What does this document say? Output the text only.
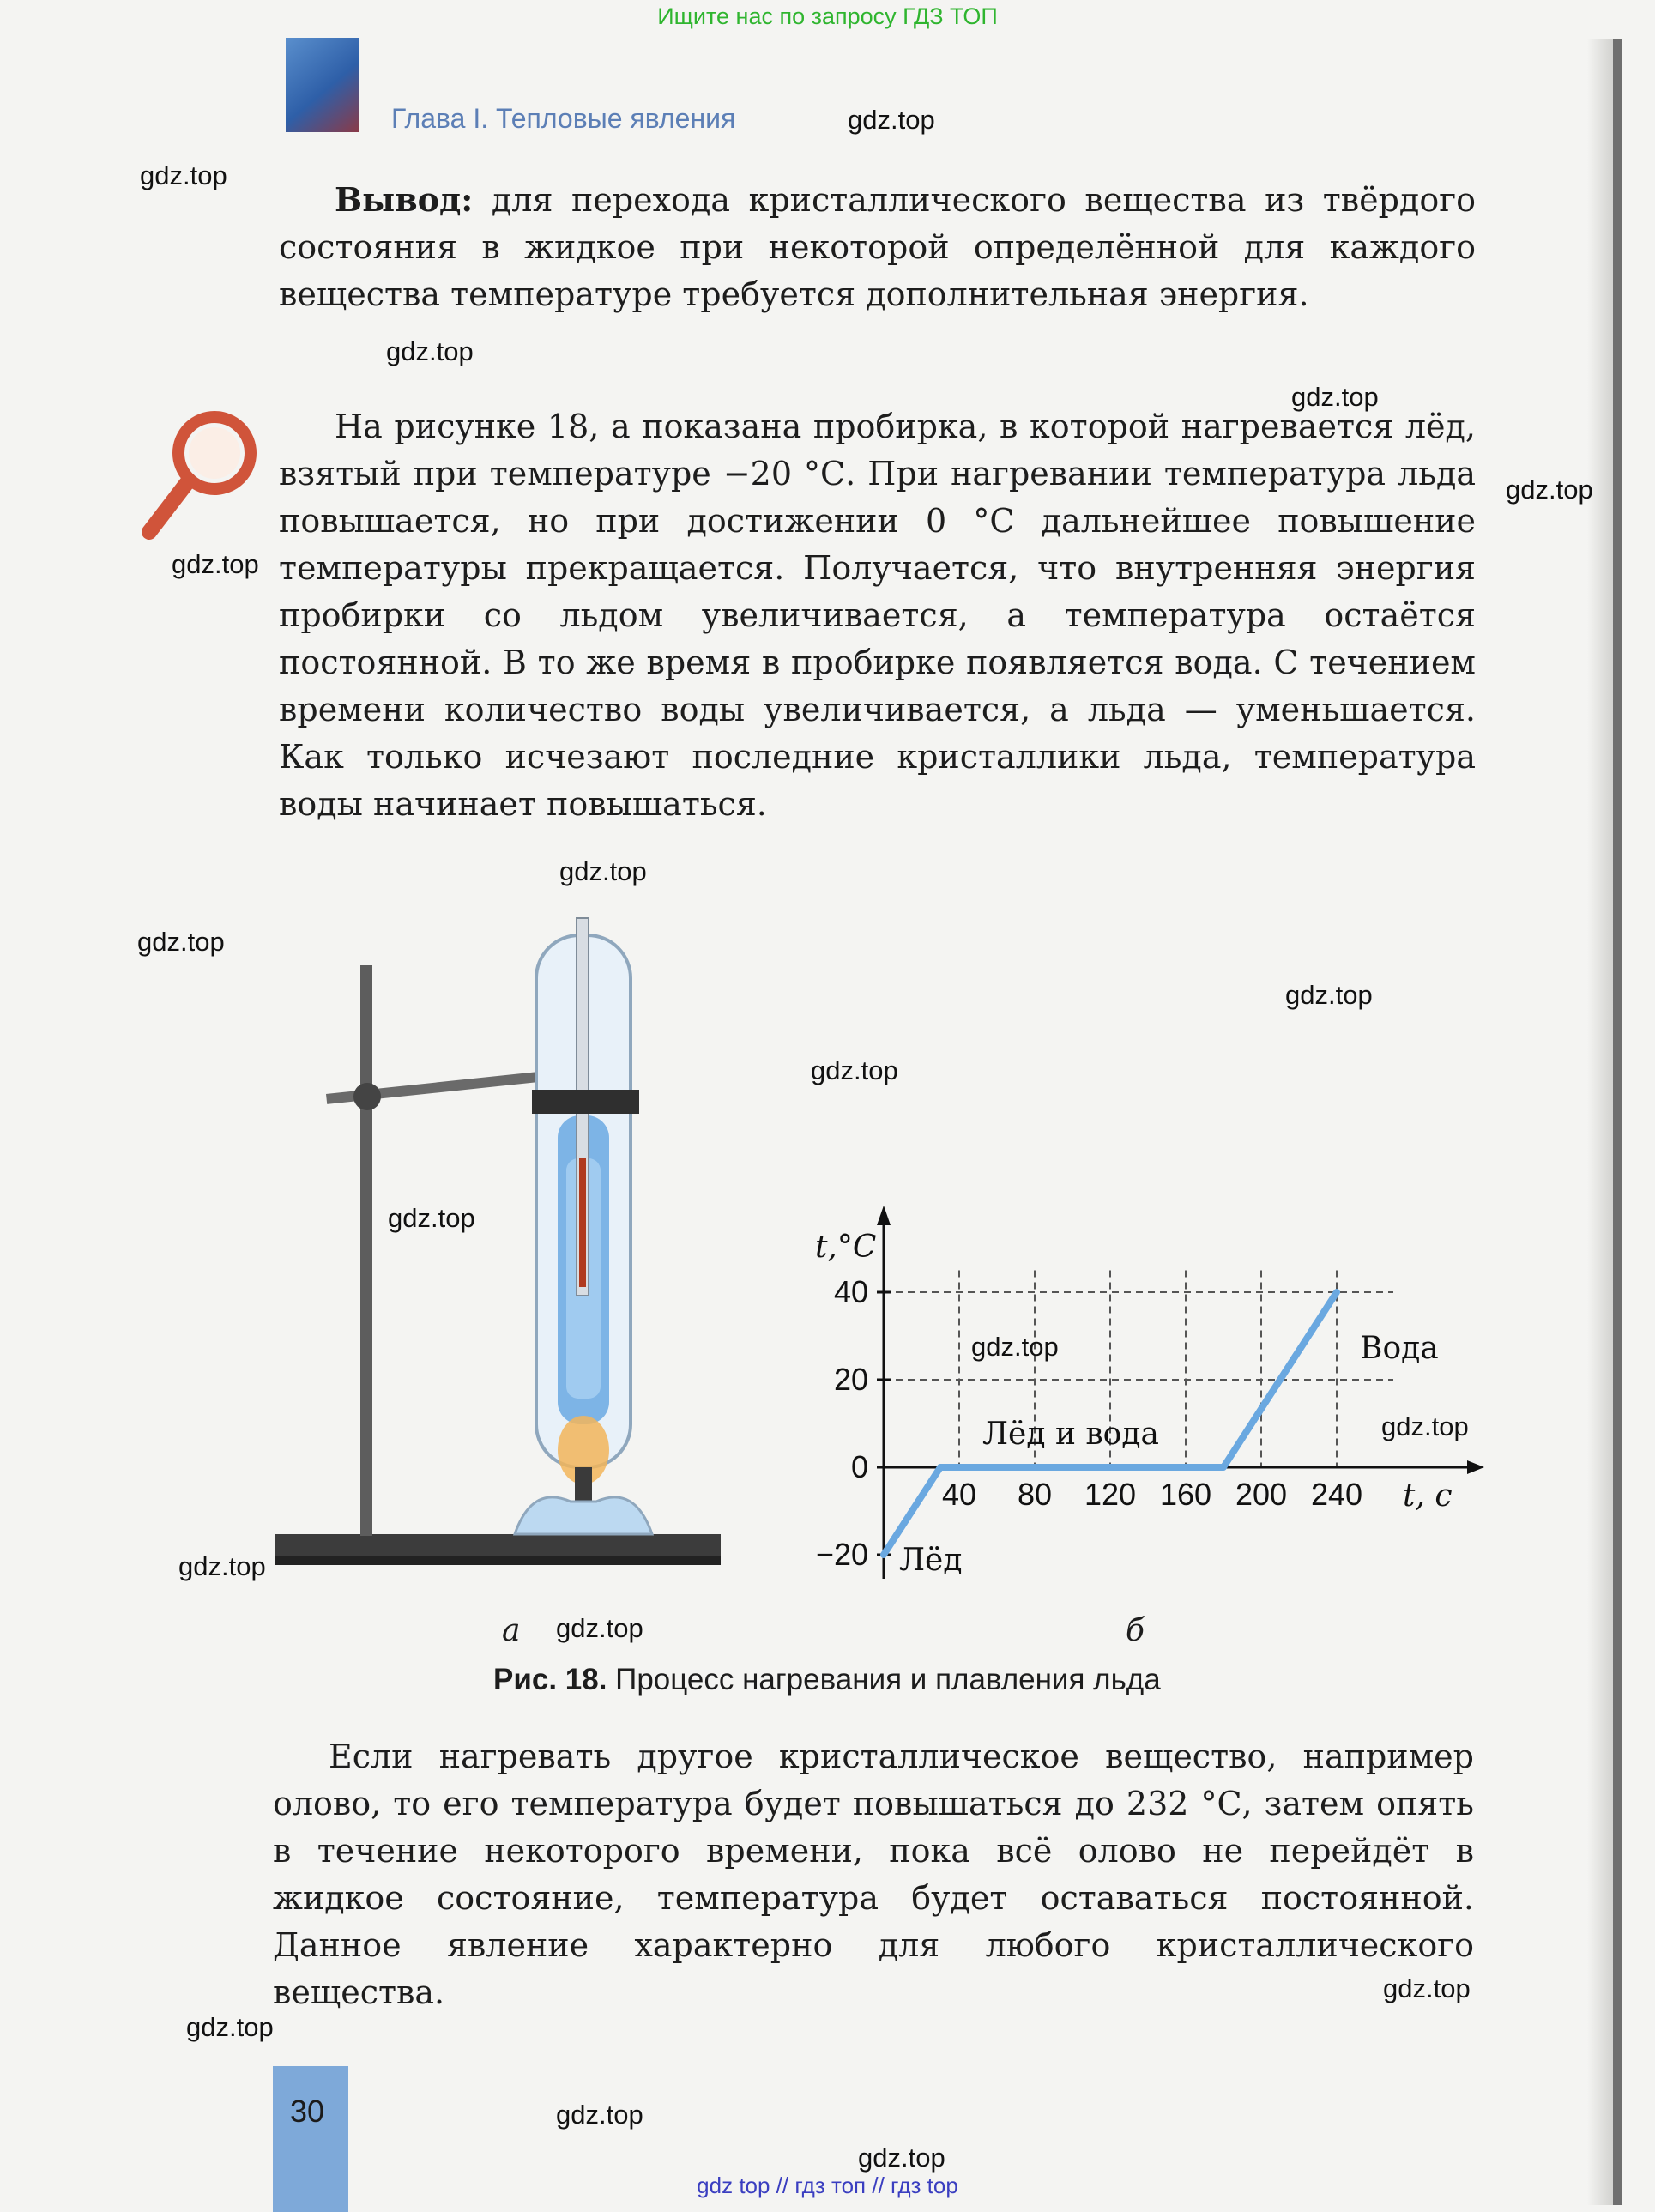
Ищите нас по запросу ГДЗ ТОП
Глава I. Тепловые явления
Вывод: для перехода кристаллического вещества из твёрдого состояния в жидкое при некоторой определённой для каждого вещества температуре требуется дополнительная энергия.
На рисунке 18, а показана пробирка, в которой нагревается лёд, взятый при температуре −20 °С. При нагревании температура льда повышается, но при достижении 0 °С дальнейшее повышение температуры прекращается. Получается, что внутренняя энергия пробирки со льдом увеличивается, а температура остаётся постоянной. В то же время в пробирке появляется вода. С течением времени количество воды увеличивается, а льда — уменьшается. Как только исчезают последние кристаллики льда, температура воды начинает повышаться.
40 80 120 160 200 240
40
20
0
−20
t,°C
t, с
Вода
Лёд и вода
Лёд
а	б
Рис. 18. Процесс нагревания и плавления льда
Если нагревать другое кристаллическое вещество, например олово, то его температура будет повышаться до 232 °С, затем опять в течение некоторого времени, пока всё олово не перейдёт в жидкое состояние, температура будет оставаться постоянной. Данное явление характерно для любого кристаллического вещества.
30
gdz.top
gdz.top
gdz.top
gdz.top
gdz.top
gdz.top
gdz.top
gdz.top
gdz.top
gdz.top
gdz.top
gdz.top
gdz.top
gdz.top
gdz.top
gdz.top
gdz.top
gdz.top
gdz.top
gdz top // гдз топ // гдз top
